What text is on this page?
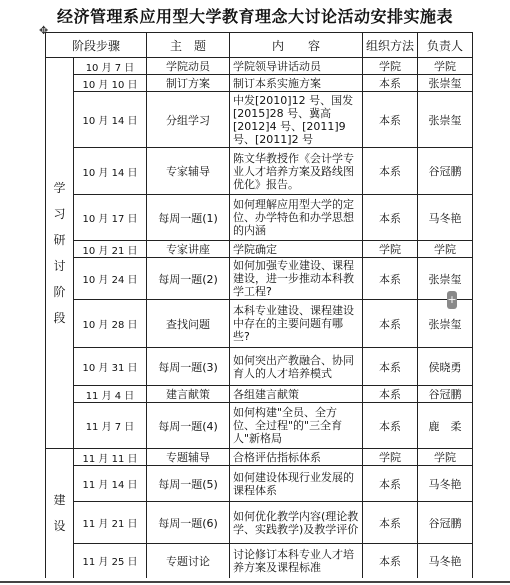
经济管理系应用型大学教育理念大讨论活动安排实施表
✥
阶段步骤		主　题	内　　容	组织方法	负责人
学习研讨阶段	10 月 7 日	学院动员	学院领导讲话动员	学院	学院
	10 月 10 日	制订方案	制订本系实施方案	本系	张崇玺
	10 月 14 日	分组学习	中发[2010]12 号、国发[2015]28 号、冀高[2012]4 号、[2011]9 号、[2011]2 号	本系	张崇玺
	10 月 14 日	专家辅导	陈文华教授作《会计学专业人才培养方案及路线图优化》报告。	本系	谷冠鹏
	10 月 17 日	每周一题(1)	如何理解应用型大学的定位、办学特色和办学思想的内涵	本系	马冬艳
	10 月 21 日	专家讲座	学院确定	学院	学院
	10 月 24 日	每周一题(2)	如何加强专业建设、课程建设，进一步推动本科教学工程?	本系	张崇玺
	10 月 28 日	查找问题	本科专业建设、课程建设中存在的主要问题有哪些?	本系	张崇玺
	10 月 31 日	每周一题(3)	如何突出产教融合、协同育人的人才培养模式	本系	侯晓勇
	11 月 4 日	建言献策	各组建言献策	本系	谷冠鹏
	11 月 7 日	每周一题(4)	如何构建"全员、全方位、全过程"的"三全育人"新格局	本系	鹿　柔
建设	11 月 11 日	专题辅导	合格评估指标体系	学院	学院
	11 月 14 日	每周一题(5)	如何建设体现行业发展的课程体系	本系	马冬艳
	11 月 21 日	每周一题(6)	如何优化教学内容(理论教学、实践教学)及教学评价	本系	谷冠鹏
	11 月 25 日	专题讨论	讨论修订本科专业人才培养方案及课程标准	本系	马冬艳
+
